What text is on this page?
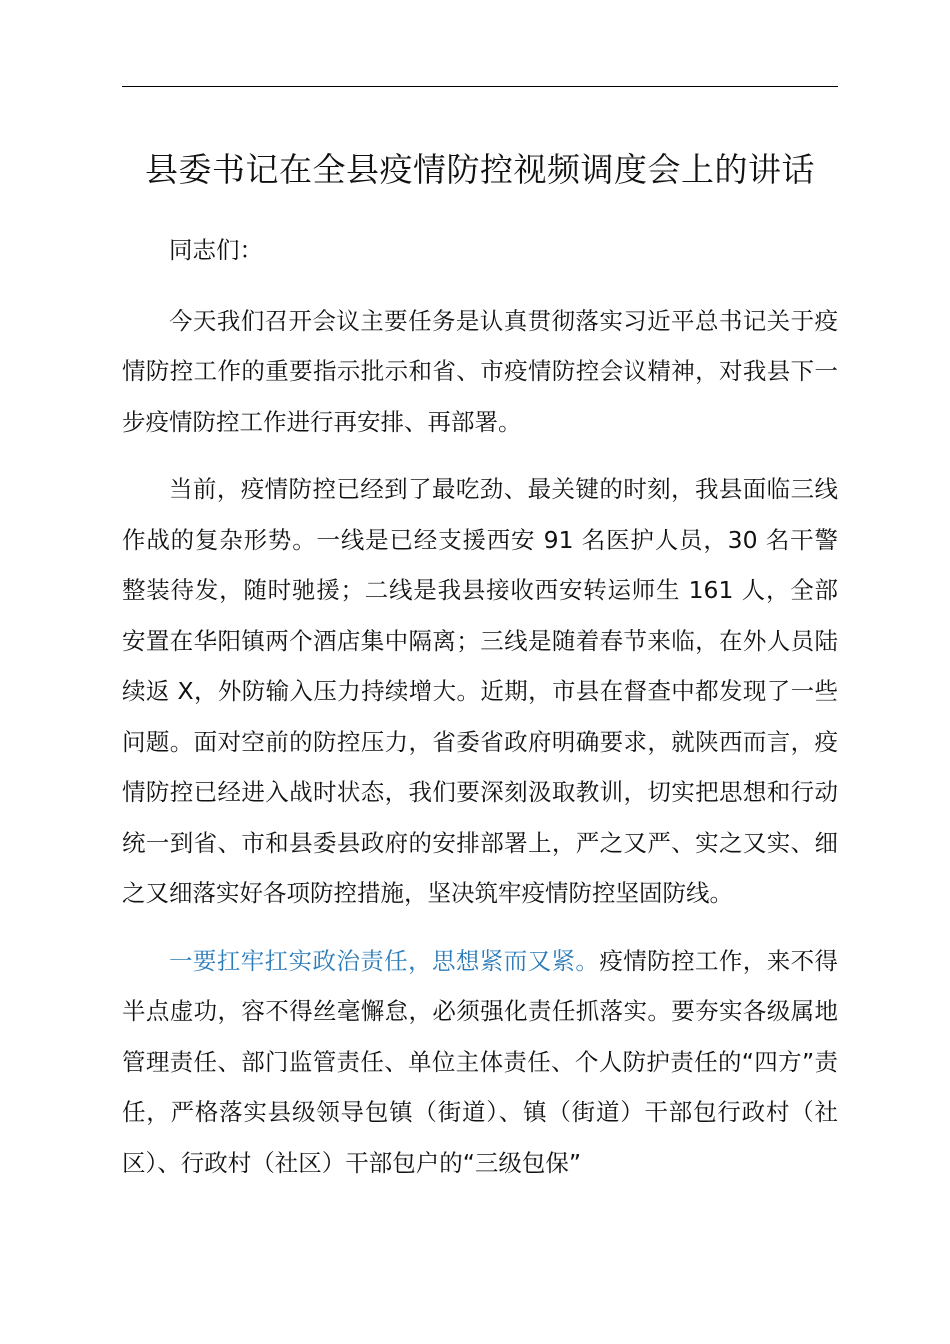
县委书记在全县疫情防控视频调度会上的讲话

同志们：

今天我们召开会议主要任务是认真贯彻落实习近平总书记关于疫情防控工作的重要指示批示和省、市疫情防控会议精神，对我县下一步疫情防控工作进行再安排、再部署。

当前，疫情防控已经到了最吃劲、最关键的时刻，我县面临三线作战的复杂形势。一线是已经支援西安 91 名医护人员，30 名干警整装待发，随时驰援；二线是我县接收西安转运师生 161 人，全部安置在华阳镇两个酒店集中隔离；三线是随着春节来临，在外人员陆续返 X，外防输入压力持续增大。近期，市县在督查中都发现了一些问题。面对空前的防控压力，省委省政府明确要求，就陕西而言，疫情防控已经进入战时状态，我们要深刻汲取教训，切实把思想和行动统一到省、市和县委县政府的安排部署上，严之又严、实之又实、细之又细落实好各项防控措施，坚决筑牢疫情防控坚固防线。

一要扛牢扛实政治责任，思想紧而又紧。疫情防控工作，来不得半点虚功，容不得丝毫懈怠，必须强化责任抓落实。要夯实各级属地管理责任、部门监管责任、单位主体责任、个人防护责任的“四方”责任，严格落实县级领导包镇（街道）、镇（街道）干部包行政村（社区）、行政村（社区）干部包户的“三级包保”
